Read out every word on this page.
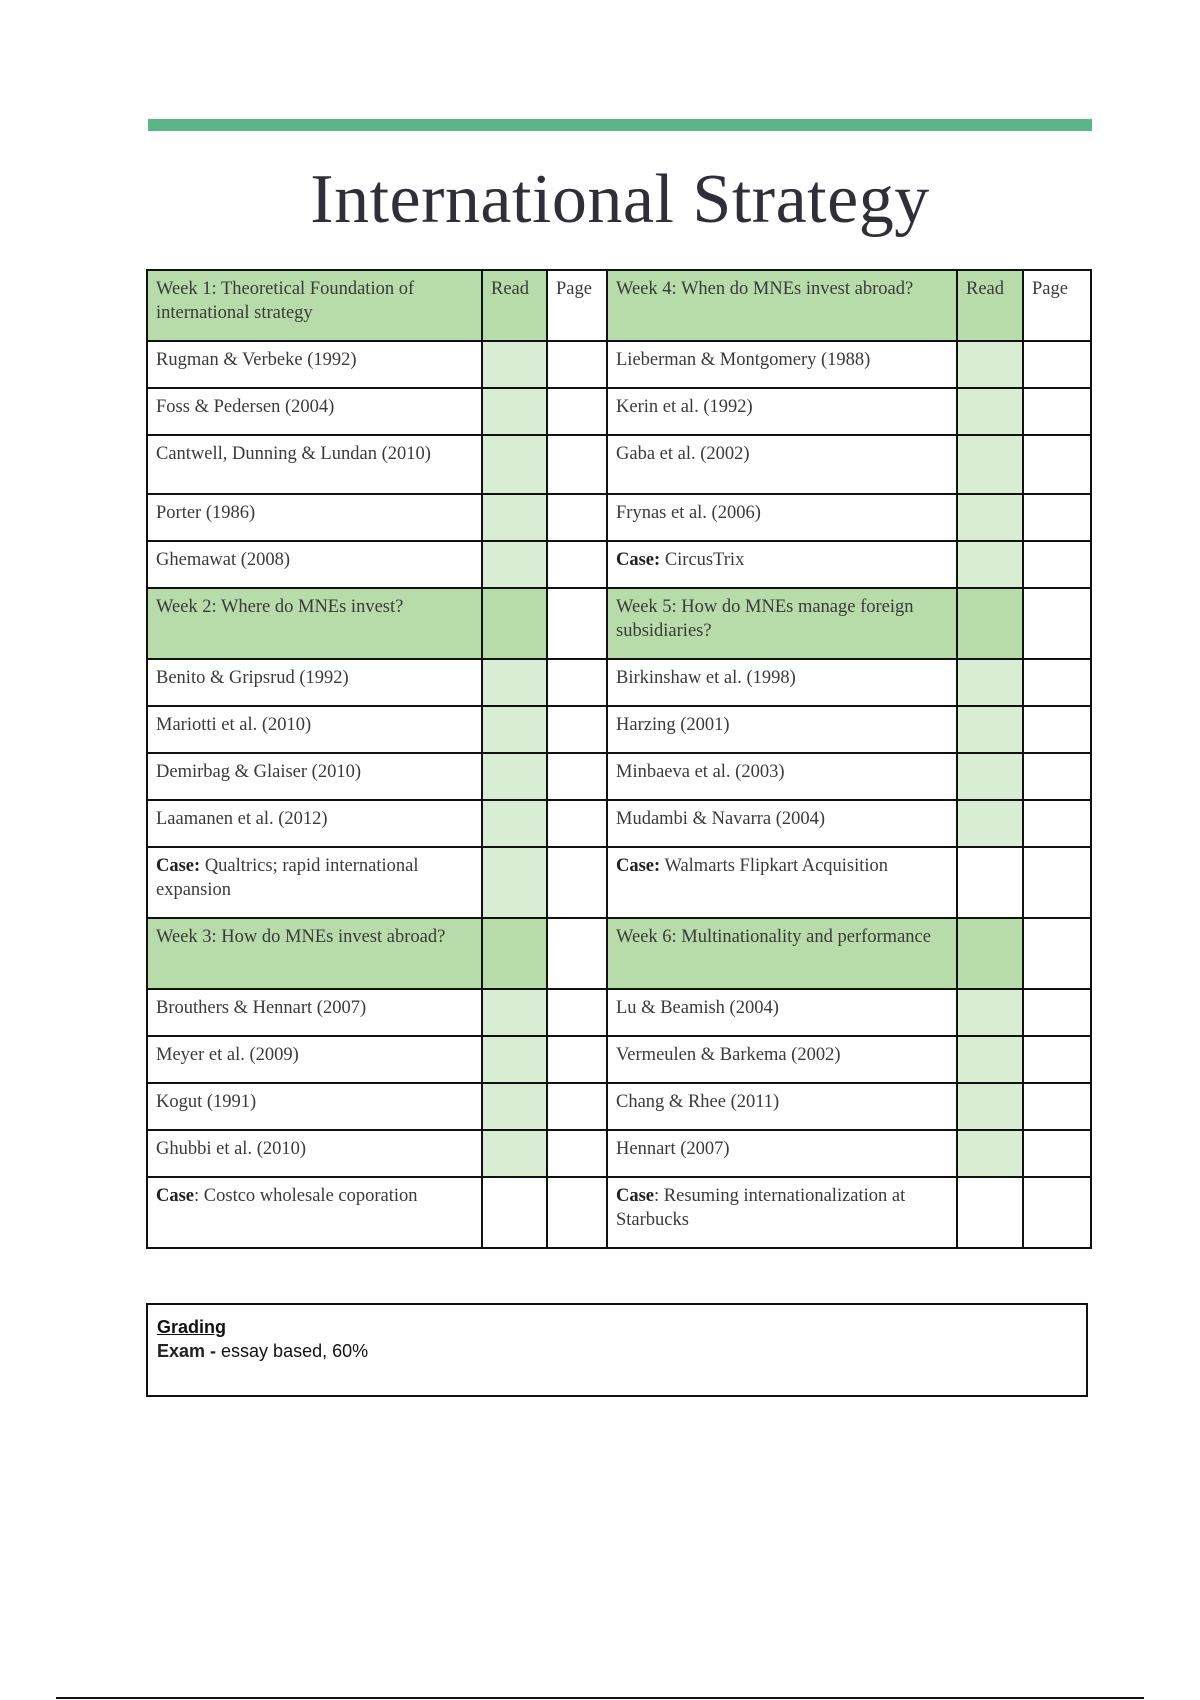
International Strategy
Week 1: Theoretical Foundation of international strategy	Read	Page	Week 4: When do MNEs invest abroad?	Read	Page
Rugman & Verbeke (1992)			Lieberman & Montgomery (1988)		
Foss & Pedersen (2004)			Kerin et al. (1992)		
Cantwell, Dunning & Lundan (2010)			Gaba et al. (2002)		
Porter (1986)			Frynas et al. (2006)		
Ghemawat (2008)			Case: CircusTrix		
Week 2: Where do MNEs invest?			Week 5: How do MNEs manage foreign subsidiaries?		
Benito & Gripsrud (1992)			Birkinshaw et al. (1998)		
Mariotti et al. (2010)			Harzing (2001)		
Demirbag & Glaiser (2010)			Minbaeva et al. (2003)		
Laamanen et al. (2012)			Mudambi & Navarra (2004)		
Case: Qualtrics; rapid international expansion			Case: Walmarts Flipkart Acquisition		
Week 3: How do MNEs invest abroad?			Week 6: Multinationality and performance		
Brouthers & Hennart (2007)			Lu & Beamish (2004)		
Meyer et al. (2009)			Vermeulen & Barkema (2002)		
Kogut (1991)			Chang & Rhee (2011)		
Ghubbi et al. (2010)			Hennart (2007)		
Case: Costco wholesale coporation			Case: Resuming internationalization at Starbucks		
Grading
Exam - essay based, 60%
